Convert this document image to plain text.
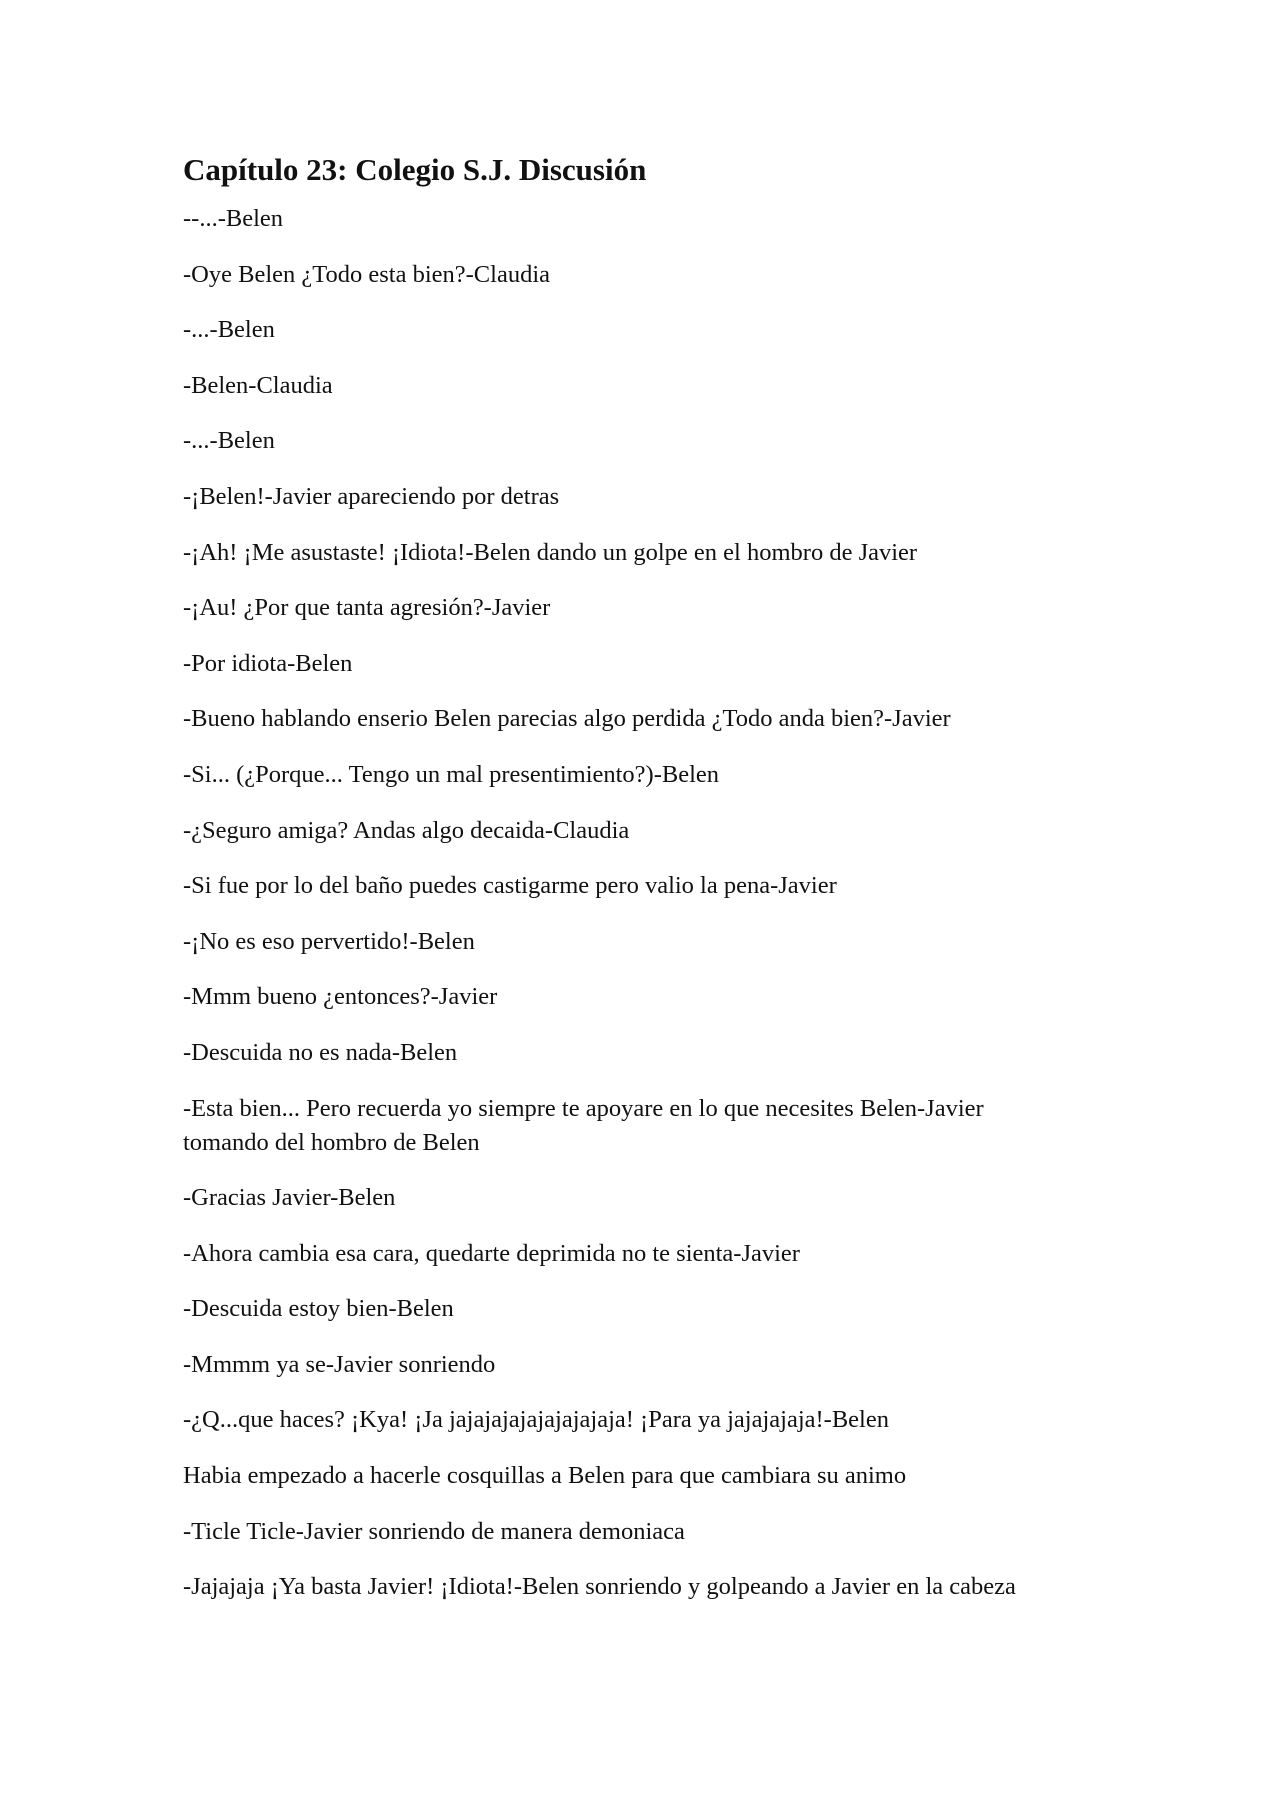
Capítulo 23: Colegio S.J. Discusión

--...-Belen

-Oye Belen ¿Todo esta bien?-Claudia

-...-Belen

-Belen-Claudia

-...-Belen

-¡Belen!-Javier apareciendo por detras

-¡Ah! ¡Me asustaste! ¡Idiota!-Belen dando un golpe en el hombro de Javier

-¡Au! ¿Por que tanta agresión?-Javier

-Por idiota-Belen

-Bueno hablando enserio Belen parecias algo perdida ¿Todo anda bien?-Javier

-Si... (¿Porque... Tengo un mal presentimiento?)-Belen

-¿Seguro amiga? Andas algo decaida-Claudia

-Si fue por lo del baño puedes castigarme pero valio la pena-Javier

-¡No es eso pervertido!-Belen

-Mmm bueno ¿entonces?-Javier

-Descuida no es nada-Belen

-Esta bien... Pero recuerda yo siempre te apoyare en lo que necesites Belen-Javier tomando del hombro de Belen

-Gracias Javier-Belen

-Ahora cambia esa cara, quedarte deprimida no te sienta-Javier

-Descuida estoy bien-Belen

-Mmmm ya se-Javier sonriendo

-¿Q...que haces? ¡Kya! ¡Ja jajajajajajajajajaja! ¡Para ya jajajajaja!-Belen

Habia empezado a hacerle cosquillas a Belen para que cambiara su animo

-Ticle Ticle-Javier sonriendo de manera demoniaca

-Jajajaja ¡Ya basta Javier! ¡Idiota!-Belen sonriendo y golpeando a Javier en la cabeza
